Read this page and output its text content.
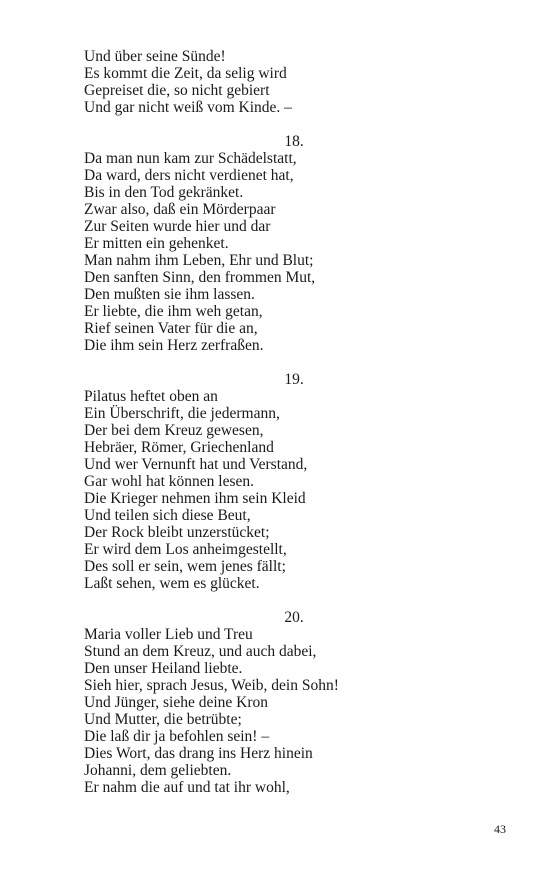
Und über seine Sünde!
Es kommt die Zeit, da selig wird
Gepreiset die, so nicht gebiert
Und gar nicht weiß vom Kinde. –
18.
Da man nun kam zur Schädelstatt,
Da ward, ders nicht verdienet hat,
Bis in den Tod gekränket.
Zwar also, daß ein Mörderpaar
Zur Seiten wurde hier und dar
Er mitten ein gehenket.
Man nahm ihm Leben, Ehr und Blut;
Den sanften Sinn, den frommen Mut,
Den mußten sie ihm lassen.
Er liebte, die ihm weh getan,
Rief seinen Vater für die an,
Die ihm sein Herz zerfraßen.
19.
Pilatus heftet oben an
Ein Überschrift, die jedermann,
Der bei dem Kreuz gewesen,
Hebräer, Römer, Griechenland
Und wer Vernunft hat und Verstand,
Gar wohl hat können lesen.
Die Krieger nehmen ihm sein Kleid
Und teilen sich diese Beut,
Der Rock bleibt unzerstücket;
Er wird dem Los anheimgestellt,
Des soll er sein, wem jenes fällt;
Laßt sehen, wem es glücket.
20.
Maria voller Lieb und Treu
Stund an dem Kreuz, und auch dabei,
Den unser Heiland liebte.
Sieh hier, sprach Jesus, Weib, dein Sohn!
Und Jünger, siehe deine Kron
Und Mutter, die betrübte;
Die laß dir ja befohlen sein! –
Dies Wort, das drang ins Herz hinein
Johanni, dem geliebten.
Er nahm die auf und tat ihr wohl,
43
